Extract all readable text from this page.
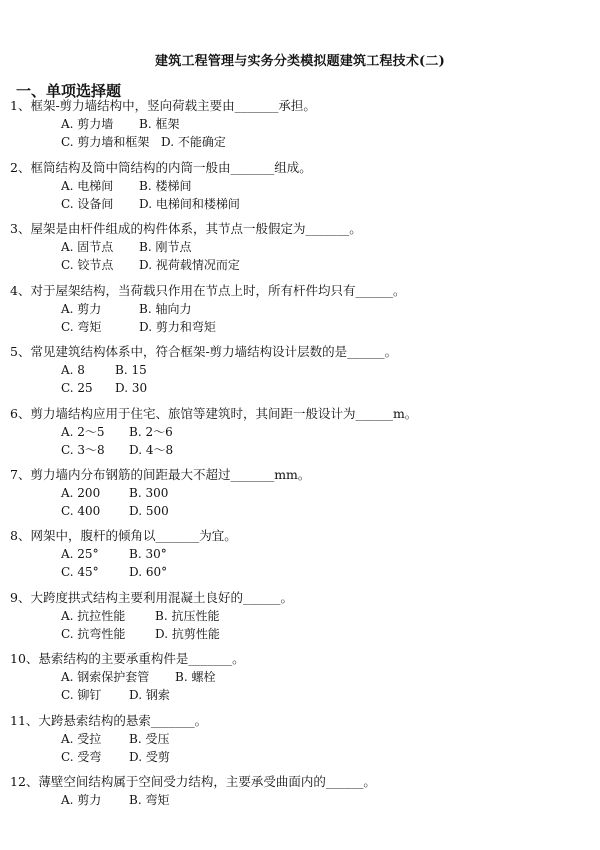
建筑工程管理与实务分类模拟题建筑工程技术(二)
一、单项选择题
1、框架-剪力墙结构中，竖向荷载主要由_______承担。
A. 剪力墙 B. 框架
C. 剪力墙和框架 D. 不能确定
2、框筒结构及筒中筒结构的内筒一般由_______组成。
A. 电梯间 B. 楼梯间
C. 设备间 D. 电梯间和楼梯间
3、屋架是由杆件组成的构件体系，其节点一般假定为_______。
A. 固节点 B. 刚节点
C. 铰节点 D. 视荷载情况而定
4、对于屋架结构，当荷载只作用在节点上时，所有杆件均只有______。
A. 剪力	B. 轴向力
C. 弯矩	D. 剪力和弯矩
5、常见建筑结构体系中，符合框架-剪力墙结构设计层数的是______。
A. 8	B. 15
C. 25 D. 30
6、剪力墙结构应用于住宅、旅馆等建筑时，其间距一般设计为______m。
A. 2～5 B. 2～6
C. 3～8 D. 4～8
7、剪力墙内分布钢筋的间距最大不超过_______mm。
A. 200 B. 300
C. 400 D. 500
8、网架中，腹杆的倾角以_______为宜。
A. 25°	B. 30°
C. 45°	D. 60°
9、大跨度拱式结构主要利用混凝土良好的______。
A. 抗拉性能 B. 抗压性能
C. 抗弯性能 D. 抗剪性能
10、悬索结构的主要承重构件是_______。
A. 钢索保护套管 B. 螺栓
C. 铆钉 D. 钢索
11、大跨悬索结构的悬索_______。
A. 受拉 B. 受压
C. 受弯 D. 受剪
12、薄壁空间结构属于空间受力结构，主要承受曲面内的______。
A. 剪力 B. 弯矩
